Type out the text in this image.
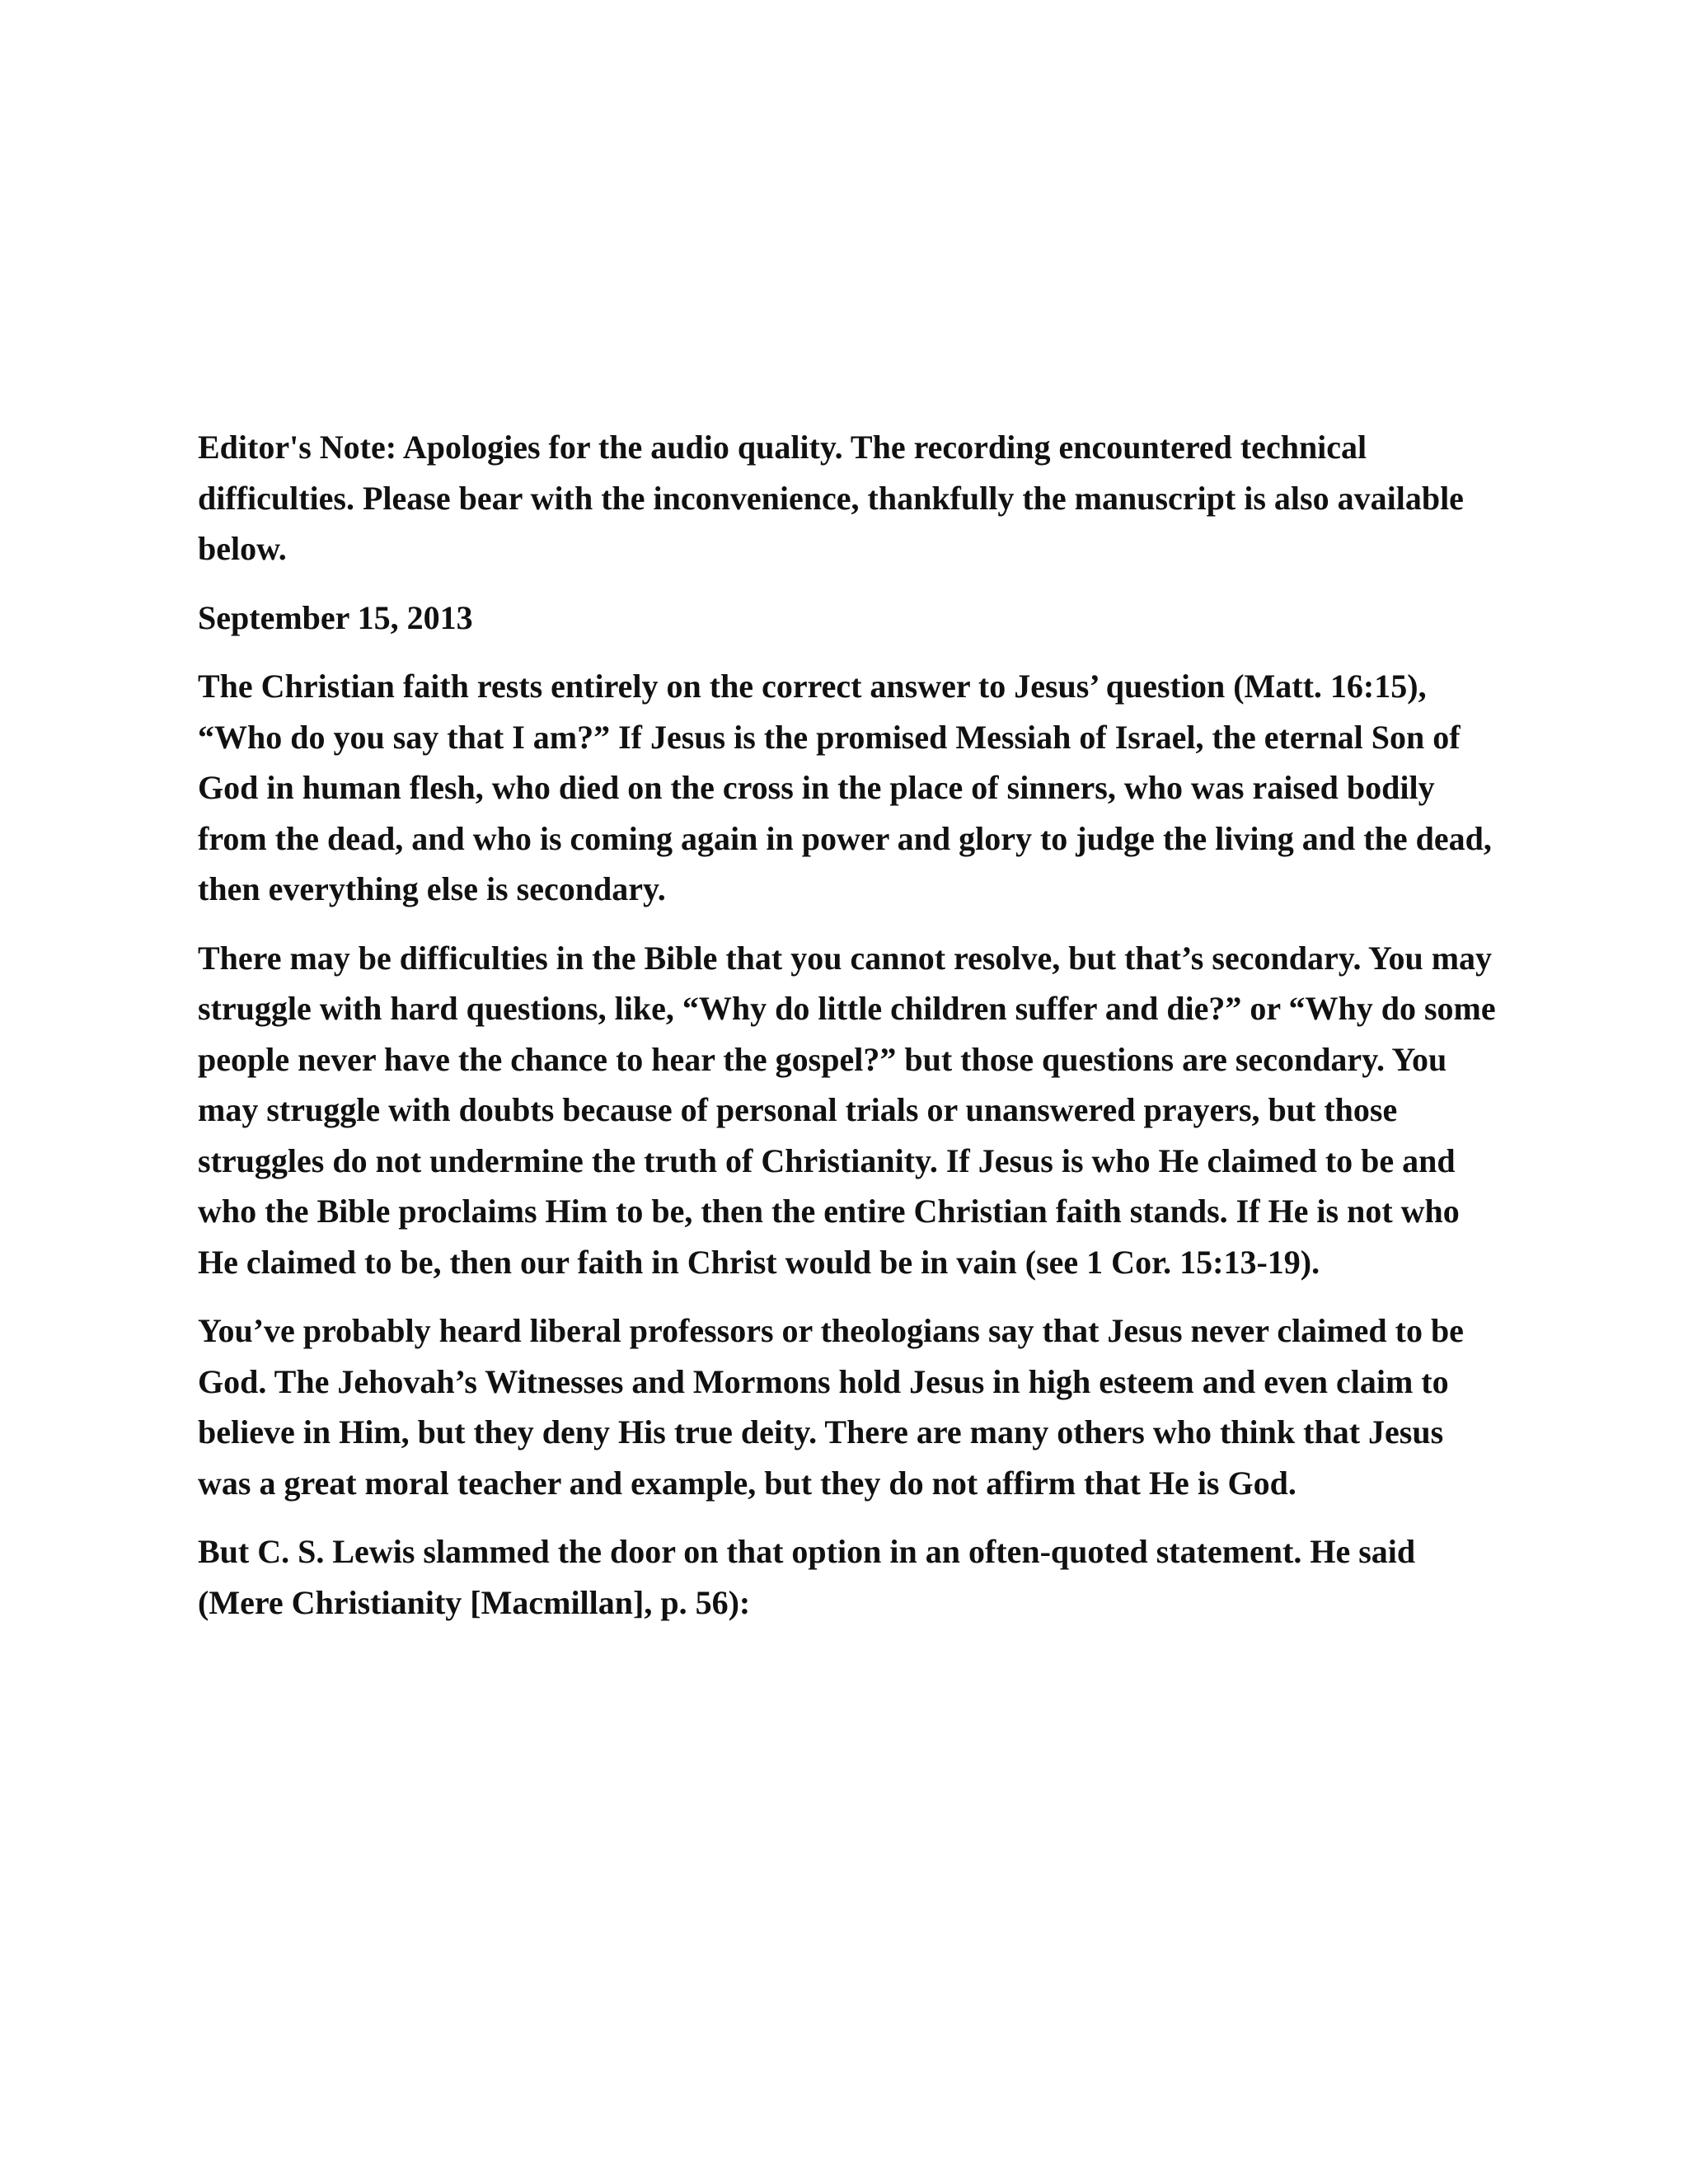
Editor's Note: Apologies for the audio quality. The recording encountered technical difficulties. Please bear with the inconvenience, thankfully the manuscript is also available below.

September 15, 2013

The Christian faith rests entirely on the correct answer to Jesus’ question (Matt. 16:15), “Who do you say that I am?” If Jesus is the promised Messiah of Israel, the eternal Son of God in human flesh, who died on the cross in the place of sinners, who was raised bodily from the dead, and who is coming again in power and glory to judge the living and the dead, then everything else is secondary.

There may be difficulties in the Bible that you cannot resolve, but that’s secondary. You may struggle with hard questions, like, “Why do little children suffer and die?” or “Why do some people never have the chance to hear the gospel?” but those questions are secondary. You may struggle with doubts because of personal trials or unanswered prayers, but those struggles do not undermine the truth of Christianity. If Jesus is who He claimed to be and who the Bible proclaims Him to be, then the entire Christian faith stands. If He is not who He claimed to be, then our faith in Christ would be in vain (see 1 Cor. 15:13-19).

You’ve probably heard liberal professors or theologians say that Jesus never claimed to be God. The Jehovah’s Witnesses and Mormons hold Jesus in high esteem and even claim to believe in Him, but they deny His true deity. There are many others who think that Jesus was a great moral teacher and example, but they do not affirm that He is God.

But C. S. Lewis slammed the door on that option in an often-quoted statement. He said (Mere Christianity [Macmillan], p. 56):
